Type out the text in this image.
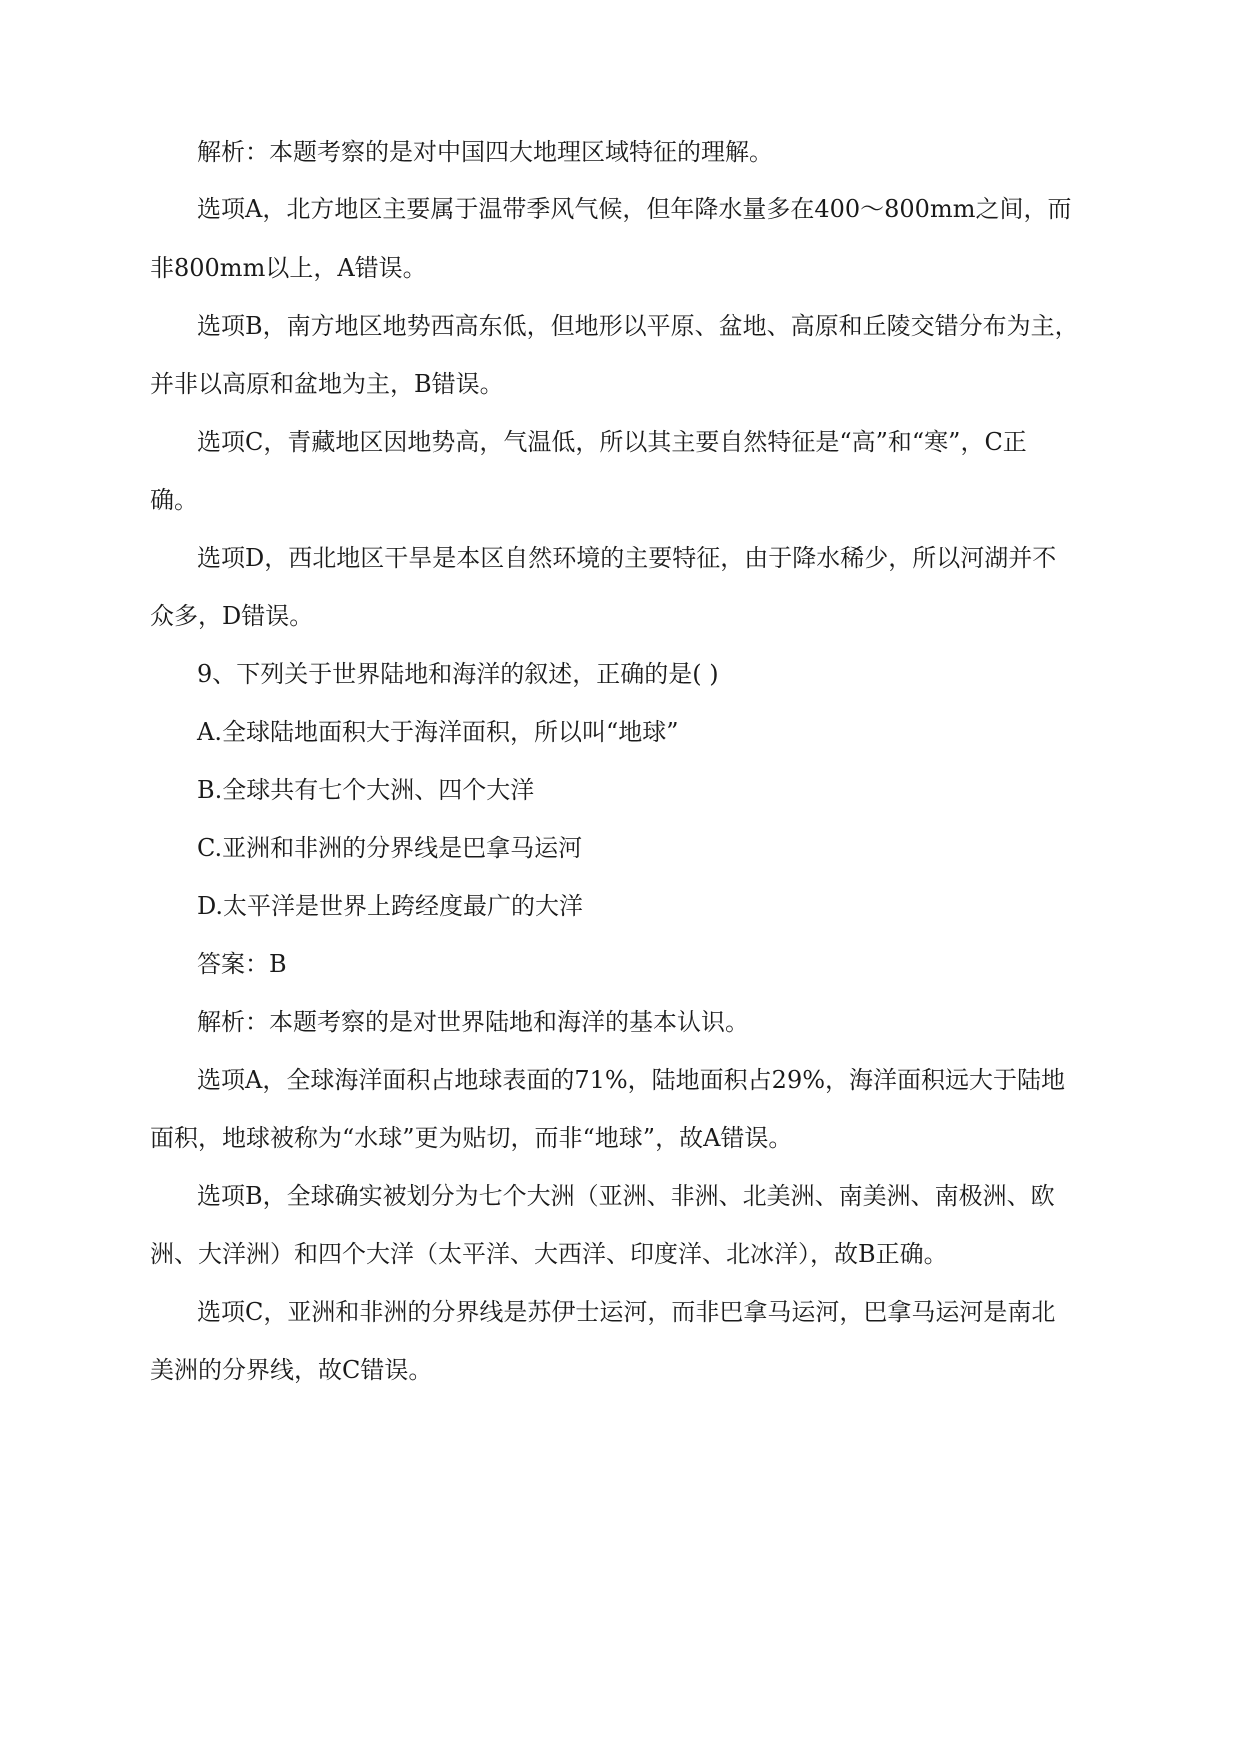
解析：本题考察的是对中国四大地理区域特征的理解。

选项A，北方地区主要属于温带季风气候，但年降水量多在400～800mm之间，而

非800mm以上，A错误。

选项B，南方地区地势西高东低，但地形以平原、盆地、高原和丘陵交错分布为主，

并非以高原和盆地为主，B错误。

选项C，青藏地区因地势高，气温低，所以其主要自然特征是“高”和“寒”，C正

确。

选项D，西北地区干旱是本区自然环境的主要特征，由于降水稀少，所以河湖并不

众多，D错误。

9、下列关于世界陆地和海洋的叙述，正确的是( )

A.全球陆地面积大于海洋面积，所以叫“地球”

B.全球共有七个大洲、四个大洋

C.亚洲和非洲的分界线是巴拿马运河

D.太平洋是世界上跨经度最广的大洋

答案：B

解析：本题考察的是对世界陆地和海洋的基本认识。

选项A，全球海洋面积占地球表面的71%，陆地面积占29%，海洋面积远大于陆地

面积，地球被称为“水球”更为贴切，而非“地球”，故A错误。

选项B，全球确实被划分为七个大洲（亚洲、非洲、北美洲、南美洲、南极洲、欧

洲、大洋洲）和四个大洋（太平洋、大西洋、印度洋、北冰洋），故B正确。

选项C，亚洲和非洲的分界线是苏伊士运河，而非巴拿马运河，巴拿马运河是南北

美洲的分界线，故C错误。
